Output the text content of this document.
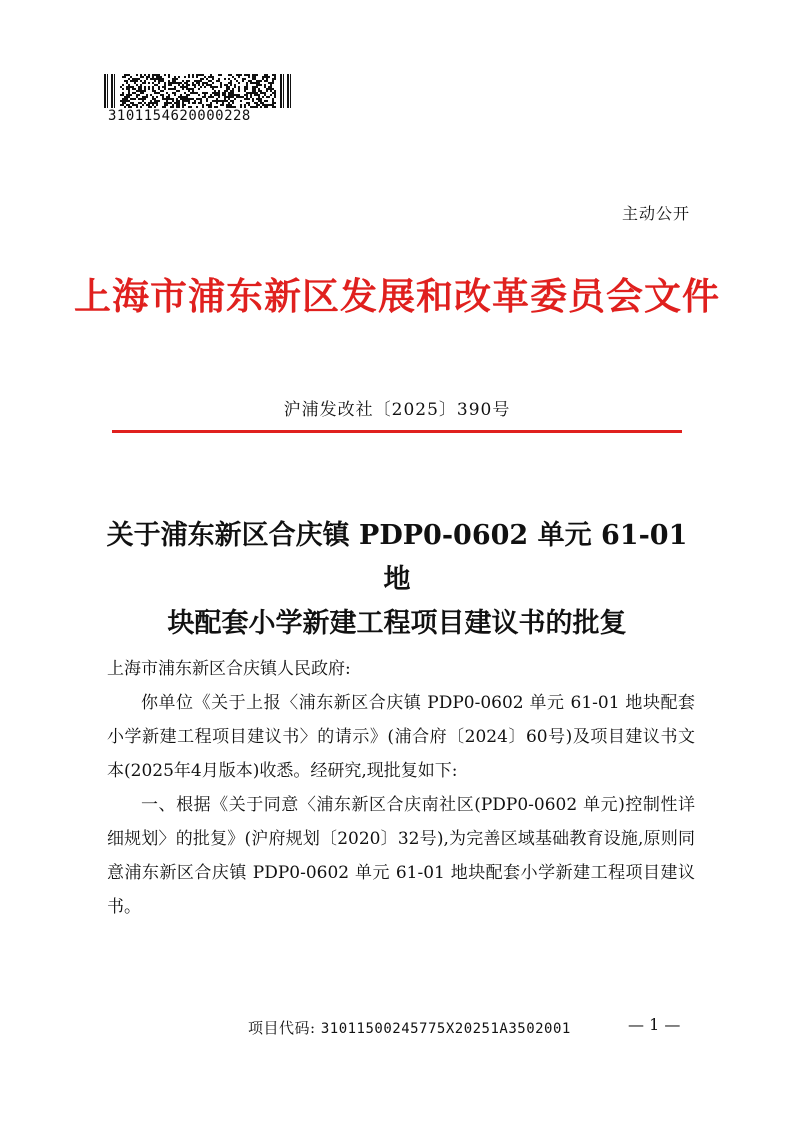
3101154620000228
主动公开
上海市浦东新区发展和改革委员会文件
沪浦发改社〔2025〕390号
关于浦东新区合庆镇 PDP0-0602 单元 61-01 地
块配套小学新建工程项目建议书的批复

上海市浦东新区合庆镇人民政府:

你单位《关于上报〈浦东新区合庆镇 PDP0-0602 单元 61-01 地块配套小学新建工程项目建议书〉的请示》(浦合府〔2024〕60号)及项目建议书文本(2025年4月版本)收悉。经研究,现批复如下:

一、根据《关于同意〈浦东新区合庆南社区(PDP0-0602 单元)控制性详细规划〉的批复》(沪府规划〔2020〕32号),为完善区域基础教育设施,原则同意浦东新区合庆镇 PDP0-0602 单元 61-01 地块配套小学新建工程项目建议书。

项目代码: 31011500245775X20251A3502001	— 1 —
